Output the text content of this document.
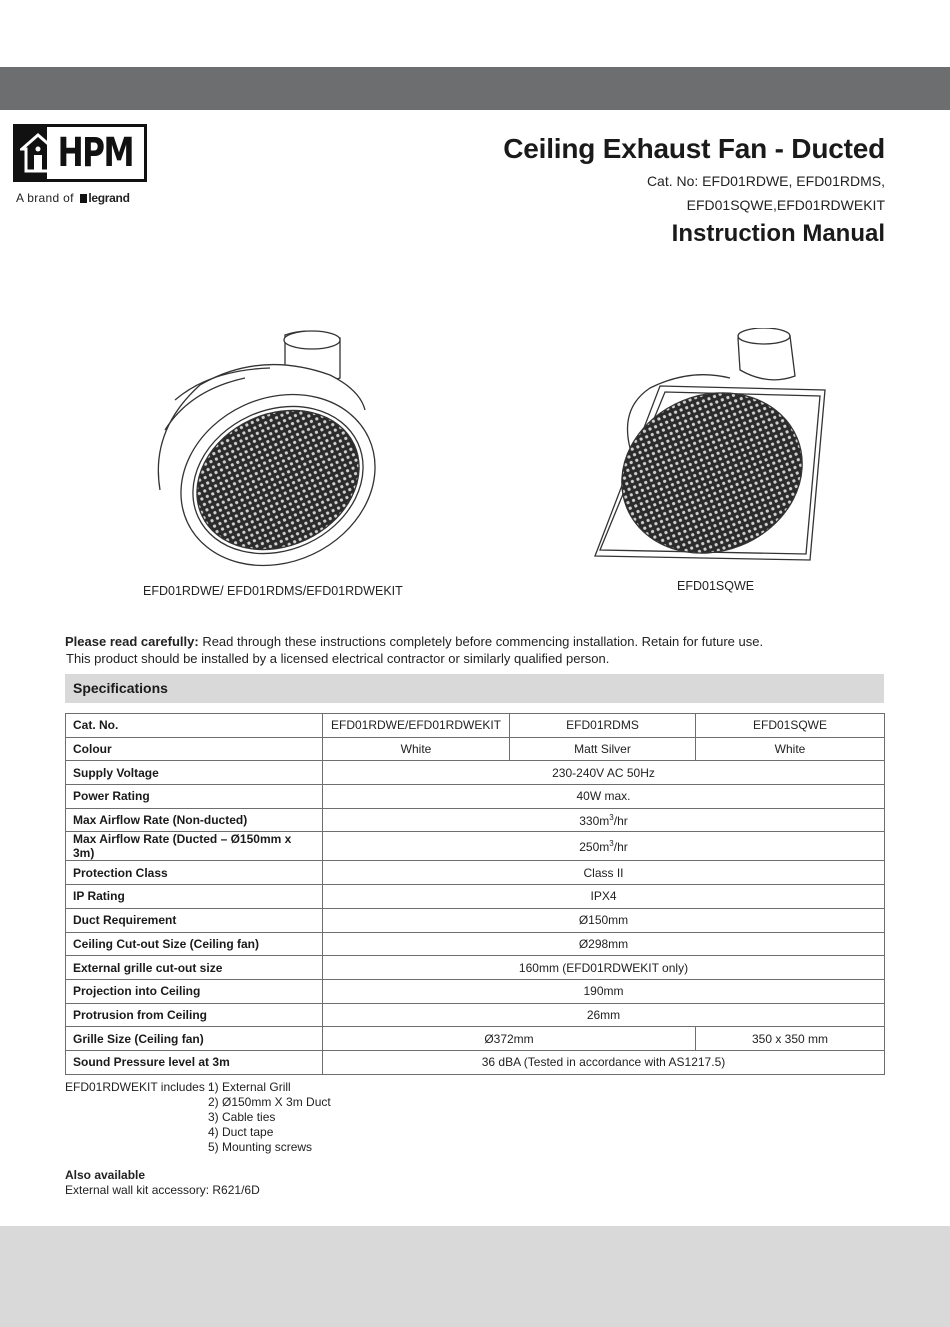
HPM
A brand of legrand
Ceiling Exhaust Fan - Ducted
Cat. No: EFD01RDWE, EFD01RDMS,
EFD01SQWE,EFD01RDWEKIT
Instruction Manual
EFD01RDWE/ EFD01RDMS/EFD01RDWEKIT	EFD01SQWE
Please read carefully: Read through these instructions completely before commencing installation. Retain for future use.
This product should be installed by a licensed electrical contractor or similarly qualified person.
Specifications
Cat. No.	EFD01RDWE/EFD01RDWEKIT	EFD01RDMS	EFD01SQWE
Colour	White	Matt Silver	White
Supply Voltage	230-240V AC 50Hz		
Power Rating	40W max.		
Max Airflow Rate (Non-ducted)	$330m^3/hr$		
Max Airflow Rate (Ducted – Ø150mm x 3m)	$250m^3/hr$		
Protection Class	Class II		
IP Rating	IPX4		
Duct Requirement	Ø150mm		
Ceiling Cut-out Size (Ceiling fan)	Ø298mm		
External grille cut-out size	160mm (EFD01RDWEKIT only)		
Projection into Ceiling	190mm		
Protrusion from Ceiling	26mm		
Grille Size (Ceiling fan)	Ø372mm		350 x 350 mm
Sound Pressure level at 3m	36 dBA (Tested in accordance with AS1217.5)		
EFD01RDWEKIT includes :
1) External Grill
2) Ø150mm X 3m Duct
3) Cable ties
4) Duct tape
5) Mounting screws
Also available
External wall kit accessory: R621/6D
